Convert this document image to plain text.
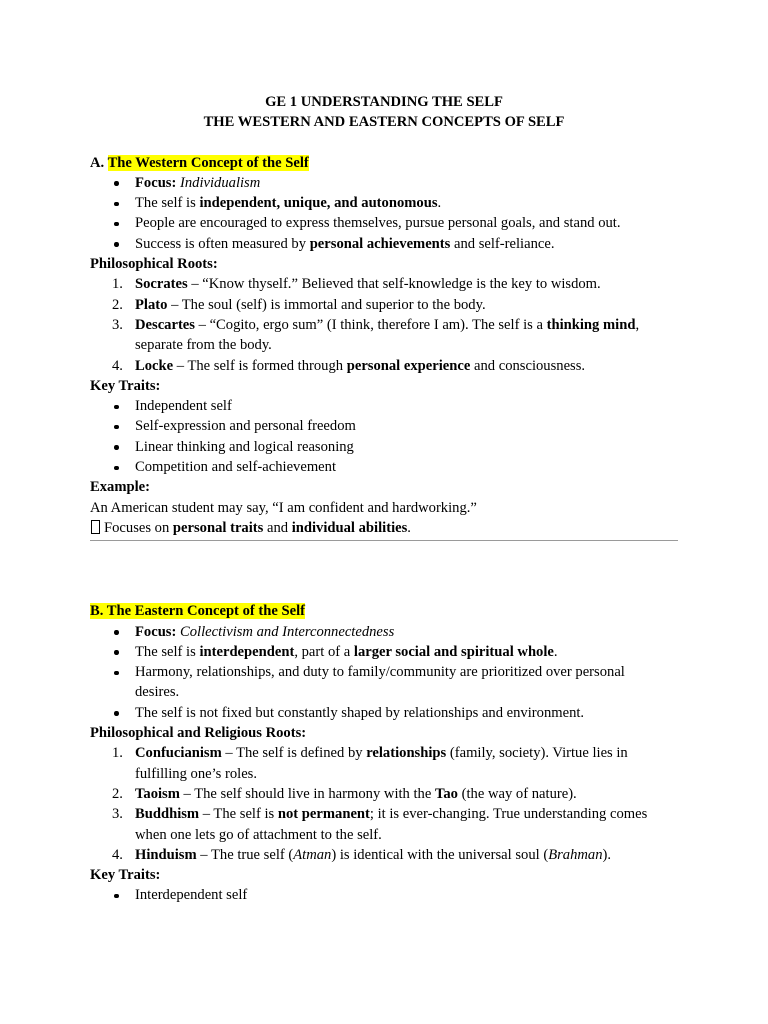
GE 1 UNDERSTANDING THE SELF

THE WESTERN AND EASTERN CONCEPTS OF SELF

A. The Western Concept of the Self

Focus: Individualism
The self is independent, unique, and autonomous.
People are encouraged to express themselves, pursue personal goals, and stand out.
Success is often measured by personal achievements and self-reliance.

Philosophical Roots:

1. Socrates – “Know thyself.” Believed that self-knowledge is the key to wisdom.
2. Plato – The soul (self) is immortal and superior to the body.
3. Descartes – “Cogito, ergo sum” (I think, therefore I am). The self is a thinking mind,
separate from the body.
4. Locke – The self is formed through personal experience and consciousness.

Key Traits:

Independent self
Self-expression and personal freedom
Linear thinking and logical reasoning
Competition and self-achievement

Example:

An American student may say, “I am confident and hardworking.”

Focuses on personal traits and individual abilities.

B. The Eastern Concept of the Self

Focus: Collectivism and Interconnectedness
The self is interdependent, part of a larger social and spiritual whole.
Harmony, relationships, and duty to family/community are prioritized over personal
desires.
The self is not fixed but constantly shaped by relationships and environment.

Philosophical and Religious Roots:

1. Confucianism – The self is defined by relationships (family, society). Virtue lies in
fulfilling one’s roles.
2. Taoism – The self should live in harmony with the Tao (the way of nature).
3. Buddhism – The self is not permanent; it is ever-changing. True understanding comes
when one lets go of attachment to the self.
4. Hinduism – The true self (Atman) is identical with the universal soul (Brahman).

Key Traits:

Interdependent self
